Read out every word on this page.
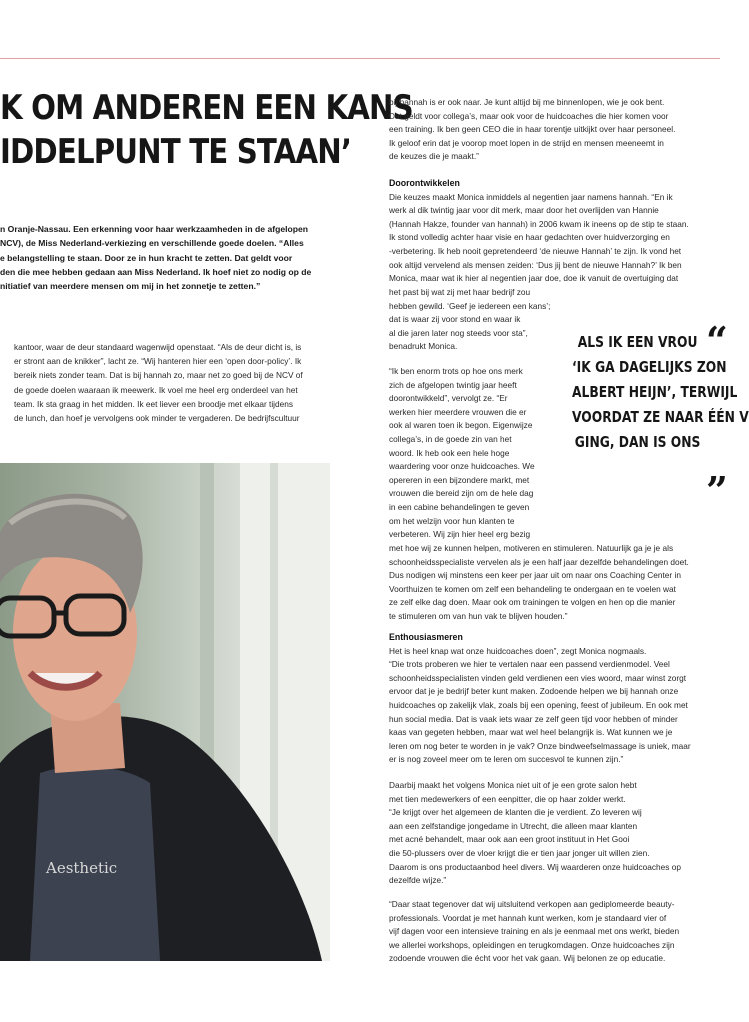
K OM ANDEREN EEN KANS
IDDELPUNT TE STAAN’
n Oranje-Nassau. Een erkenning voor haar werkzaamheden in de afgelopen
NCV), de Miss Nederland-verkiezing en verschillende goede doelen. “Alles
e belangstelling te staan. Door ze in hun kracht te zetten. Dat geldt voor
den die mee hebben gedaan aan Miss Nederland. Ik hoef niet zo nodig op de
nitiatief van meerdere mensen om mij in het zonnetje te zetten.”
kantoor, waar de deur standaard wagenwijd openstaat. “Als de deur dicht is, is
er stront aan de knikker”, lacht ze. “Wij hanteren hier een ‘open door-policy’. Ik
bereik niets zonder team. Dat is bij hannah zo, maar net zo goed bij de NCV of
de goede doelen waaraan ik meewerk. Ik voel me heel erg onderdeel van het
team. Ik sta graag in het midden. Ik eet liever een broodje met elkaar tijdens
de lunch, dan hoef je vervolgens ook minder te vergaderen. De bedrijfscultuur
Aesthetic
bij hannah is er ook naar. Je kunt altijd bij me binnenlopen, wie je ook bent.
Dat geldt voor collega’s, maar ook voor de huidcoaches die hier komen voor
een training. Ik ben geen CEO die in haar torentje uitkijkt over haar personeel.
Ik geloof erin dat je voorop moet lopen in de strijd en mensen meeneemt in
de keuzes die je maakt.”
Doorontwikkelen
Die keuzes maakt Monica inmiddels al negentien jaar namens hannah. “En ik
werk al dik twintig jaar voor dit merk, maar door het overlijden van Hannie
(Hannah Hakze, founder van hannah) in 2006 kwam ik ineens op de stip te staan.
Ik stond volledig achter haar visie en haar gedachten over huidverzorging en
-verbetering. Ik heb nooit gepretendeerd ‘de nieuwe Hannah’ te zijn. Ik vond het
ook altijd vervelend als mensen zeiden: ‘Dus jij bent de nieuwe Hannah?’ Ik ben
Monica, maar wat ik hier al negentien jaar doe, doe ik vanuit de overtuiging dat
het past bij wat zij met haar bedrijf zou
hebben gewild. ‘Geef je iedereen een kans’;
dat is waar zij voor stond en waar ik
al die jaren later nog steeds voor sta”,
benadrukt Monica.
“Ik ben enorm trots op hoe ons merk
zich de afgelopen twintig jaar heeft
doorontwikkeld”, vervolgt ze. “Er
werken hier meerdere vrouwen die er
ook al waren toen ik begon. Eigenwijze
collega’s, in de goede zin van het
woord. Ik heb ook een hele hoge
waardering voor onze huidcoaches. We
opereren in een bijzondere markt, met
vrouwen die bereid zijn om de hele dag
in een cabine behandelingen te geven
om het welzijn voor hun klanten te
verbeteren. Wij zijn hier heel erg bezig
met hoe wij ze kunnen helpen, motiveren en stimuleren. Natuurlijk ga je je als
schoonheidsspecialiste vervelen als je een half jaar dezelfde behandelingen doet.
Dus nodigen wij minstens een keer per jaar uit om naar ons Coaching Center in
Voorthuizen te komen om zelf een behandeling te ondergaan en te voelen wat
ze zelf elke dag doen. Maar ook om trainingen te volgen en hen op die manier
te stimuleren om van hun vak te blijven houden.”
Enthousiasmeren
Het is heel knap wat onze huidcoaches doen”, zegt Monica nogmaals.
“Die trots proberen we hier te vertalen naar een passend verdienmodel. Veel
schoonheidsspecialisten vinden geld verdienen een vies woord, maar winst zorgt
ervoor dat je je bedrijf beter kunt maken. Zodoende helpen we bij hannah onze
huidcoaches op zakelijk vlak, zoals bij een opening, feest of jubileum. En ook met
hun social media. Dat is vaak iets waar ze zelf geen tijd voor hebben of minder
kaas van gegeten hebben, maar wat wel heel belangrijk is. Wat kunnen we je
leren om nog beter te worden in je vak? Onze bindweefselmassage is uniek, maar
er is nog zoveel meer om te leren om succesvol te kunnen zijn.”
Daarbij maakt het volgens Monica niet uit of je een grote salon hebt
met tien medewerkers of een eenpitter, die op haar zolder werkt.
“Je krijgt over het algemeen de klanten die je verdient. Zo leveren wij
aan een zelfstandige jongedame in Utrecht, die alleen maar klanten
met acné behandelt, maar ook aan een groot instituut in Het Gooi
die 50-plussers over de vloer krijgt die er tien jaar jonger uit willen zien.
Daarom is ons productaanbod heel divers. Wij waarderen onze huidcoaches op
dezelfde wijze.”
“Daar staat tegenover dat wij uitsluitend verkopen aan gediplomeerde beauty-
professionals. Voordat je met hannah kunt werken, kom je standaard vier of
vijf dagen voor een intensieve training en als je eenmaal met ons werkt, bieden
we allerlei workshops, opleidingen en terugkomdagen. Onze huidcoaches zijn
zodoende vrouwen die écht voor het vak gaan. Wij belonen ze op educatie.
“
ALS IK EEN VROU
‘IK GA DAGELIJKS ZON
ALBERT HEIJN’, TERWIJL
VOORDAT ZE NAAR ÉÉN V
GING, DAN IS ONS
”
